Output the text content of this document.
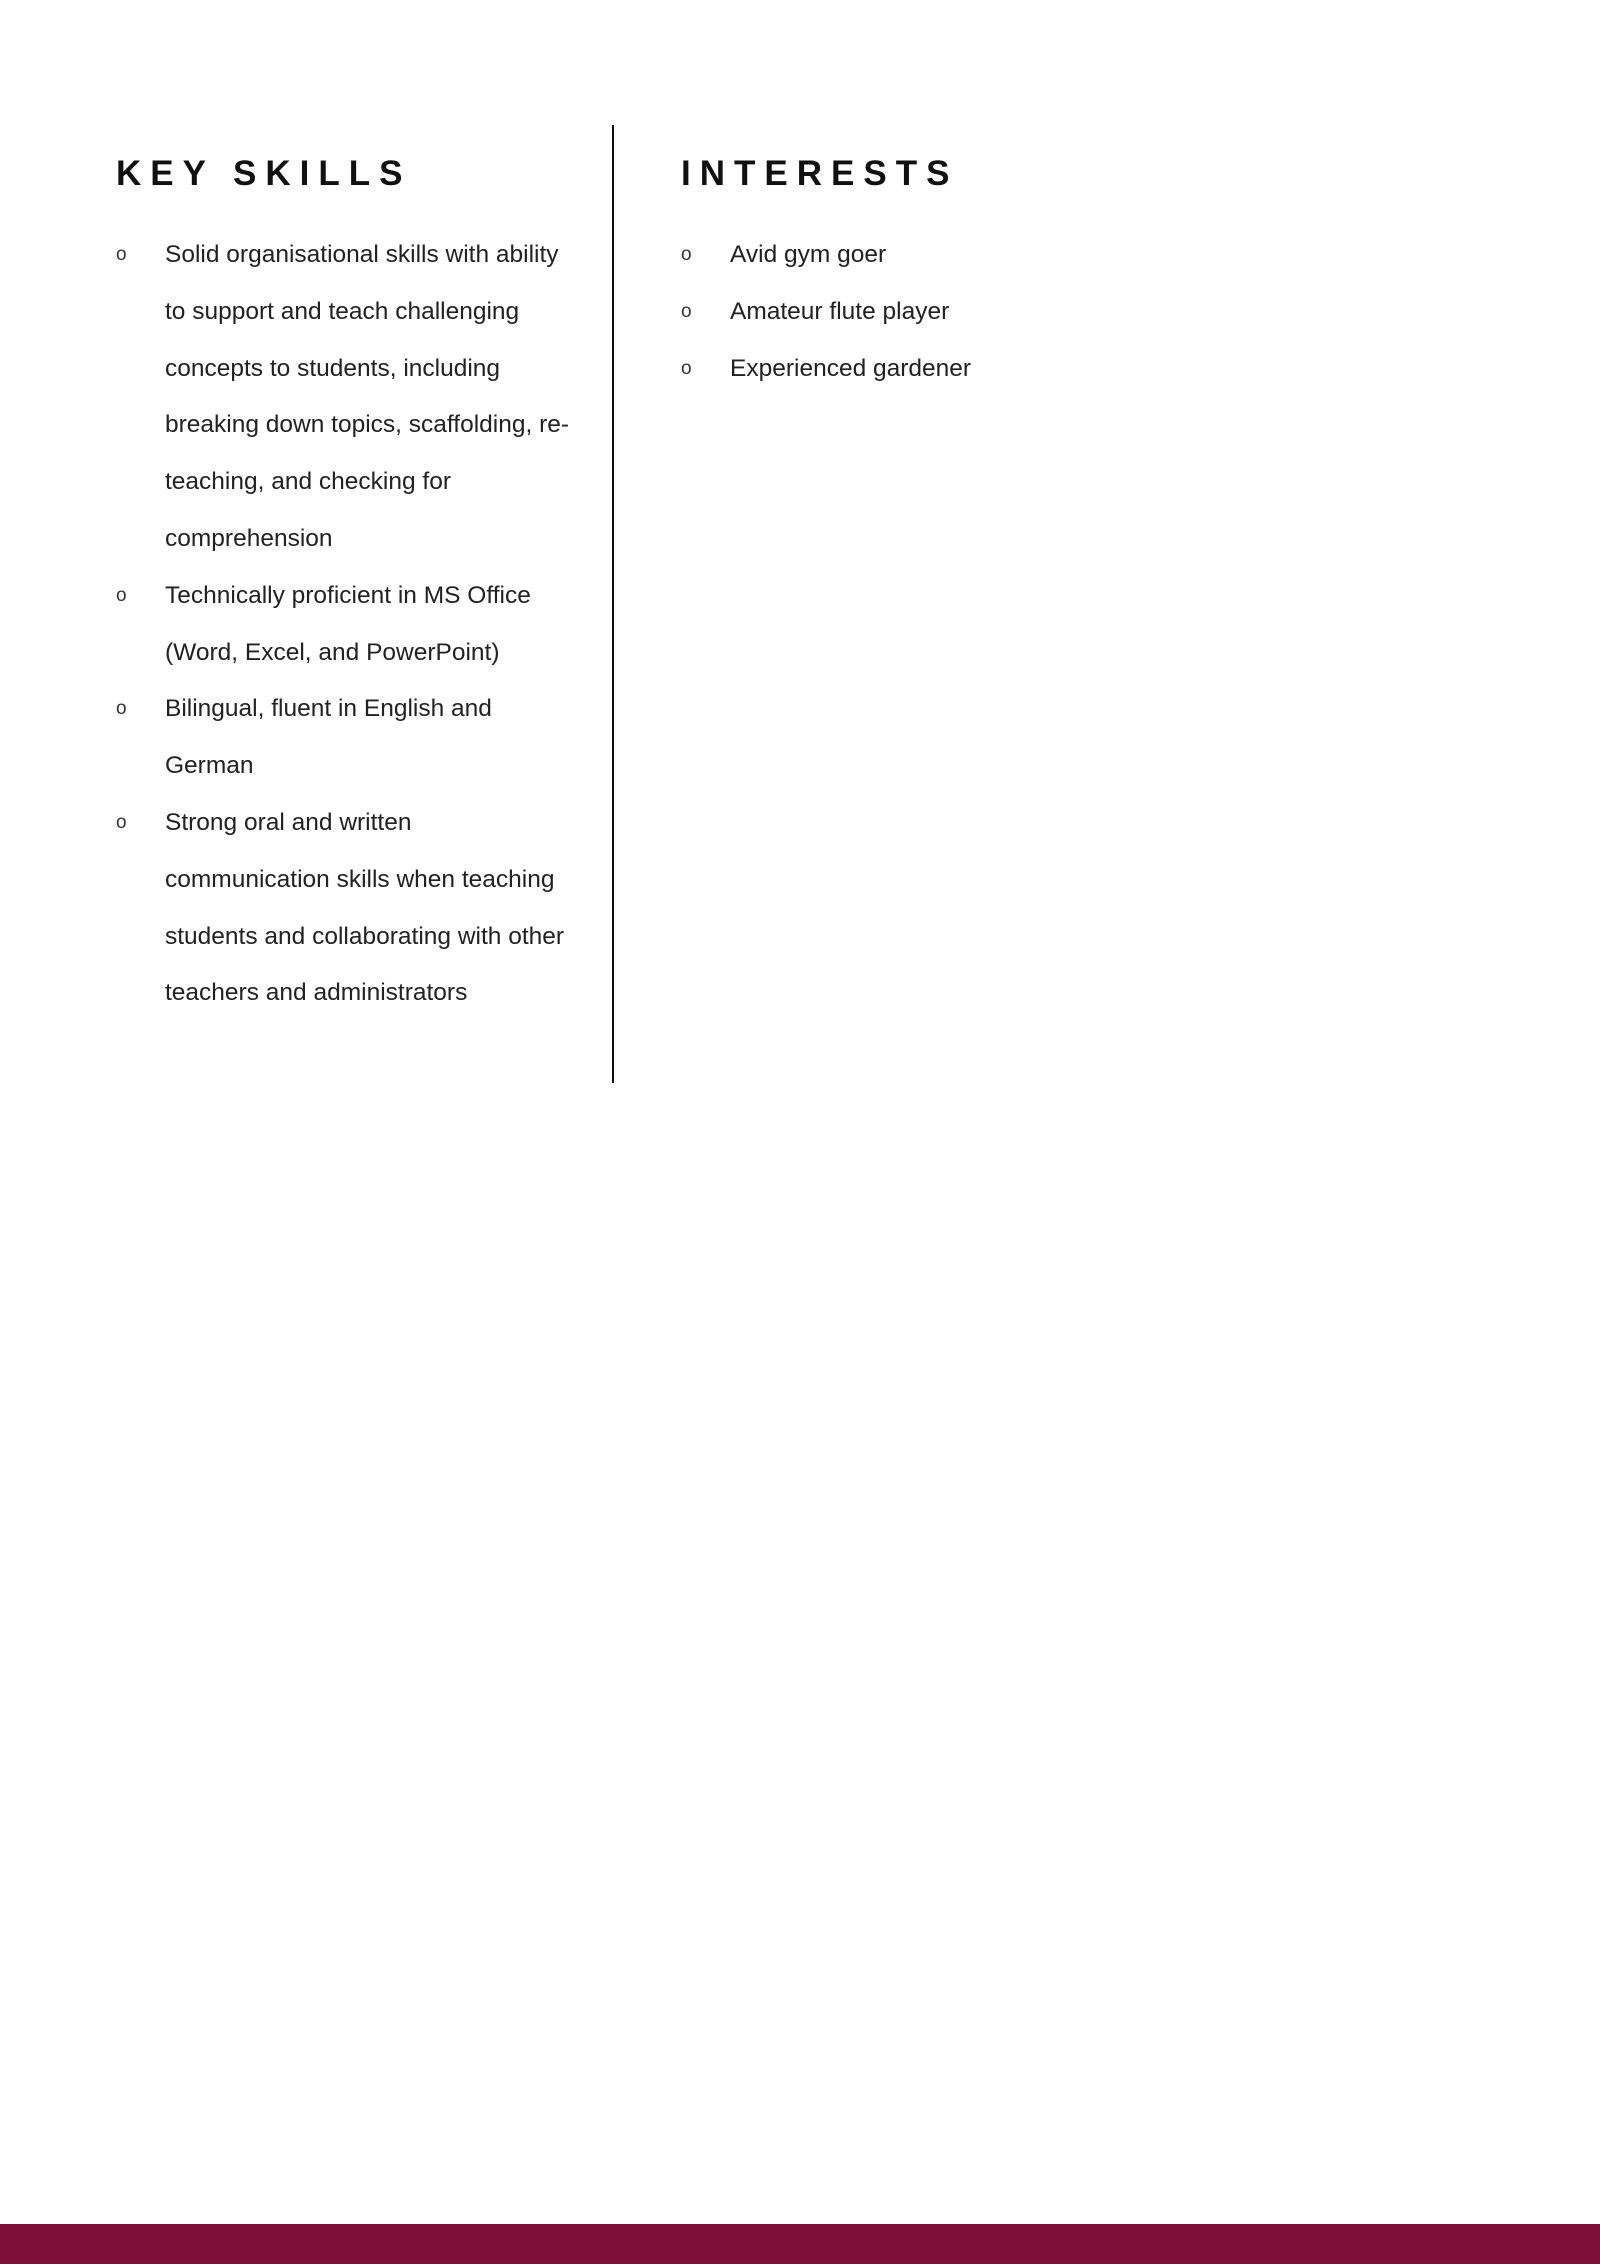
KEY SKILLS
o Solid organisational skills with ability to support and teach challenging concepts to students, including breaking down topics, scaffolding, re-teaching, and checking for comprehension
o Technically proficient in MS Office (Word, Excel, and PowerPoint)
o Bilingual, fluent in English and German
o Strong oral and written communication skills when teaching students and collaborating with other teachers and administrators
INTERESTS
o Avid gym goer
o Amateur flute player
o Experienced gardener
